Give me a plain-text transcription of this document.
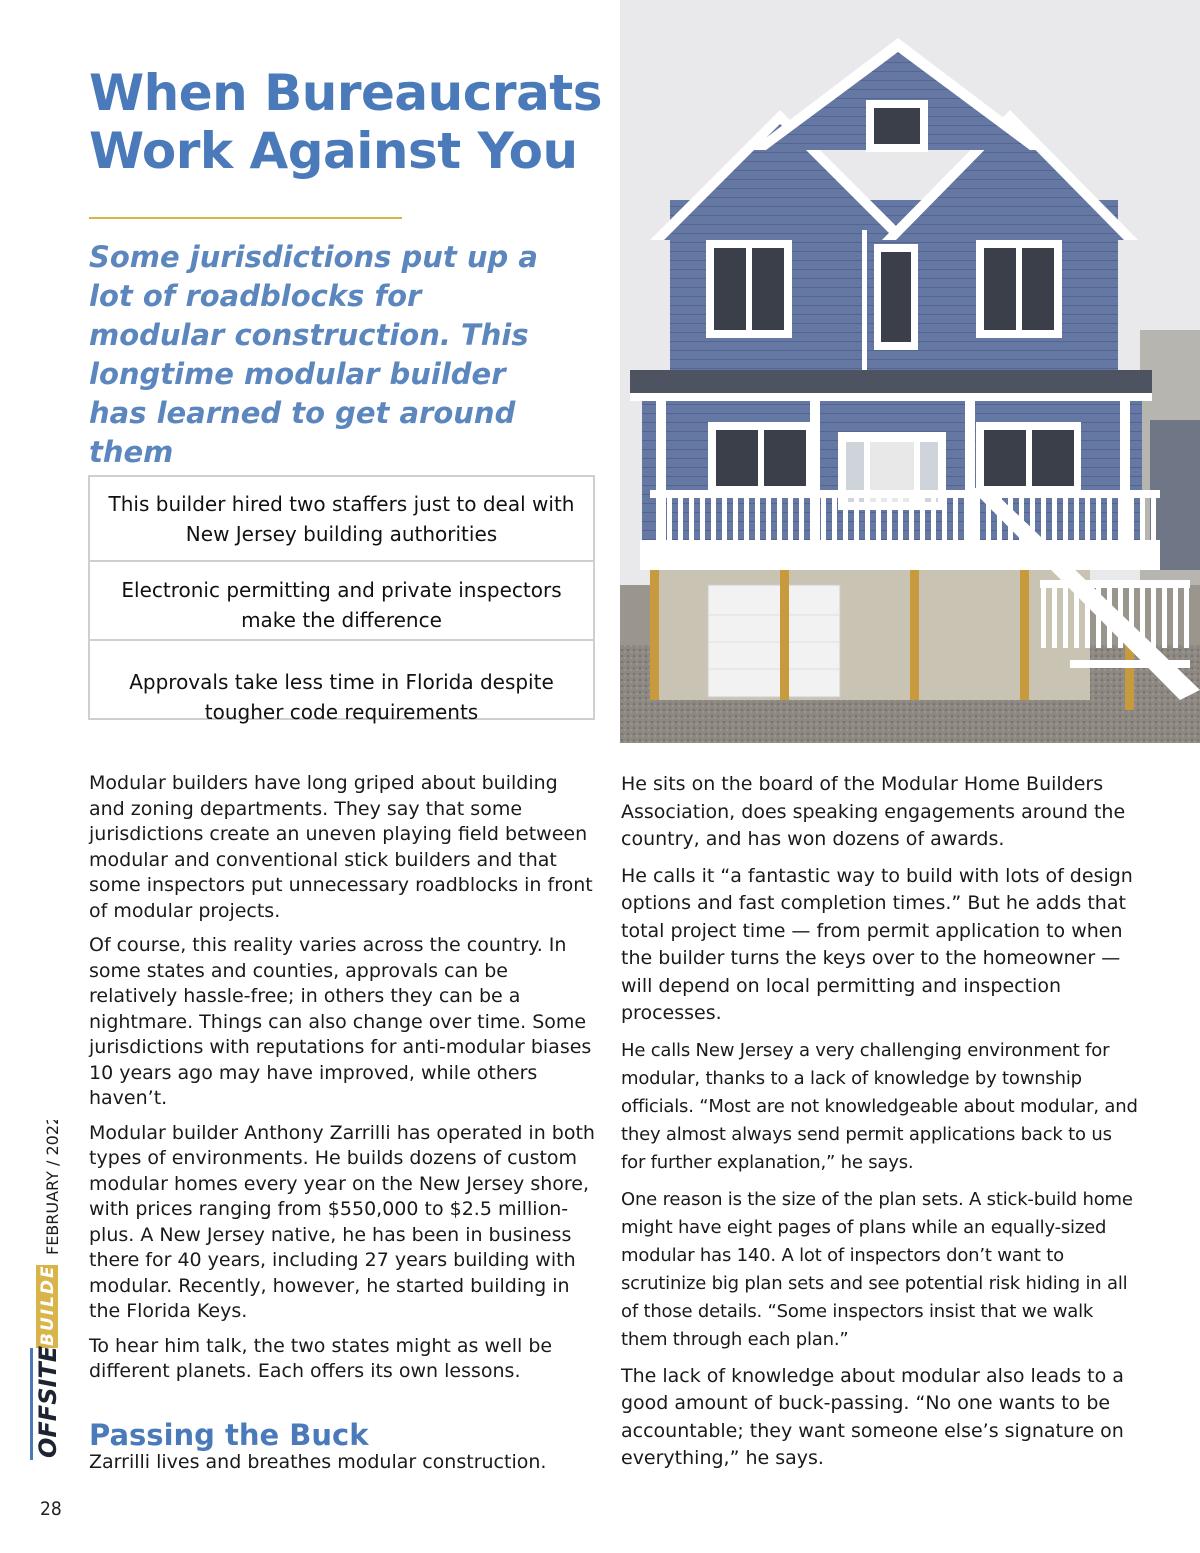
When Bureaucrats
Work Against You

Some jurisdictions put up a lot of roadblocks for modular construction. This longtime modular builder has learned to get around them

This builder hired two staffers just to deal with New Jersey building authorities
Electronic permitting and private inspectors make the difference
Approvals take less time in Florida despite tougher code requirements

Modular builders have long griped about building and zoning departments. They say that some jurisdictions create an uneven playing field between modular and conventional stick builders and that some inspectors put unnecessary roadblocks in front of modular projects.

Of course, this reality varies across the country. In some states and counties, approvals can be relatively hassle-free; in others they can be a nightmare. Things can also change over time. Some jurisdictions with reputations for anti-modular biases 10 years ago may have improved, while others haven’t.

Modular builder Anthony Zarrilli has operated in both types of environments. He builds dozens of custom modular homes every year on the New Jersey shore, with prices ranging from $550,000 to $2.5 million-plus. A New Jersey native, he has been in business there for 40 years, including 27 years building with modular. Recently, however, he started building in the Florida Keys.

To hear him talk, the two states might as well be different planets. Each offers its own lessons.

Passing the Buck

Zarrilli lives and breathes modular construction.

He sits on the board of the Modular Home Builders Association, does speaking engagements around the country, and has won dozens of awards.

He calls it “a fantastic way to build with lots of design options and fast completion times.” But he adds that total project time — from permit application to when the builder turns the keys over to the homeowner — will depend on local permitting and inspection processes.

He calls New Jersey a very challenging environment for modular, thanks to a lack of knowledge by township officials. “Most are not knowledgeable about modular, and they almost always send permit applications back to us for further explanation,” he says.

One reason is the size of the plan sets. A stick-build home might have eight pages of plans while an equally-sized modular has 140. A lot of inspectors don’t want to scrutinize big plan sets and see potential risk hiding in all of those details. “Some inspectors insist that we walk them through each plan.”

The lack of knowledge about modular also leads to a good amount of buck-passing. “No one wants to be accountable; they want someone else’s signature on everything,” he says.

OFFSITE
BUILDER
FEBRUARY / 2022
28
